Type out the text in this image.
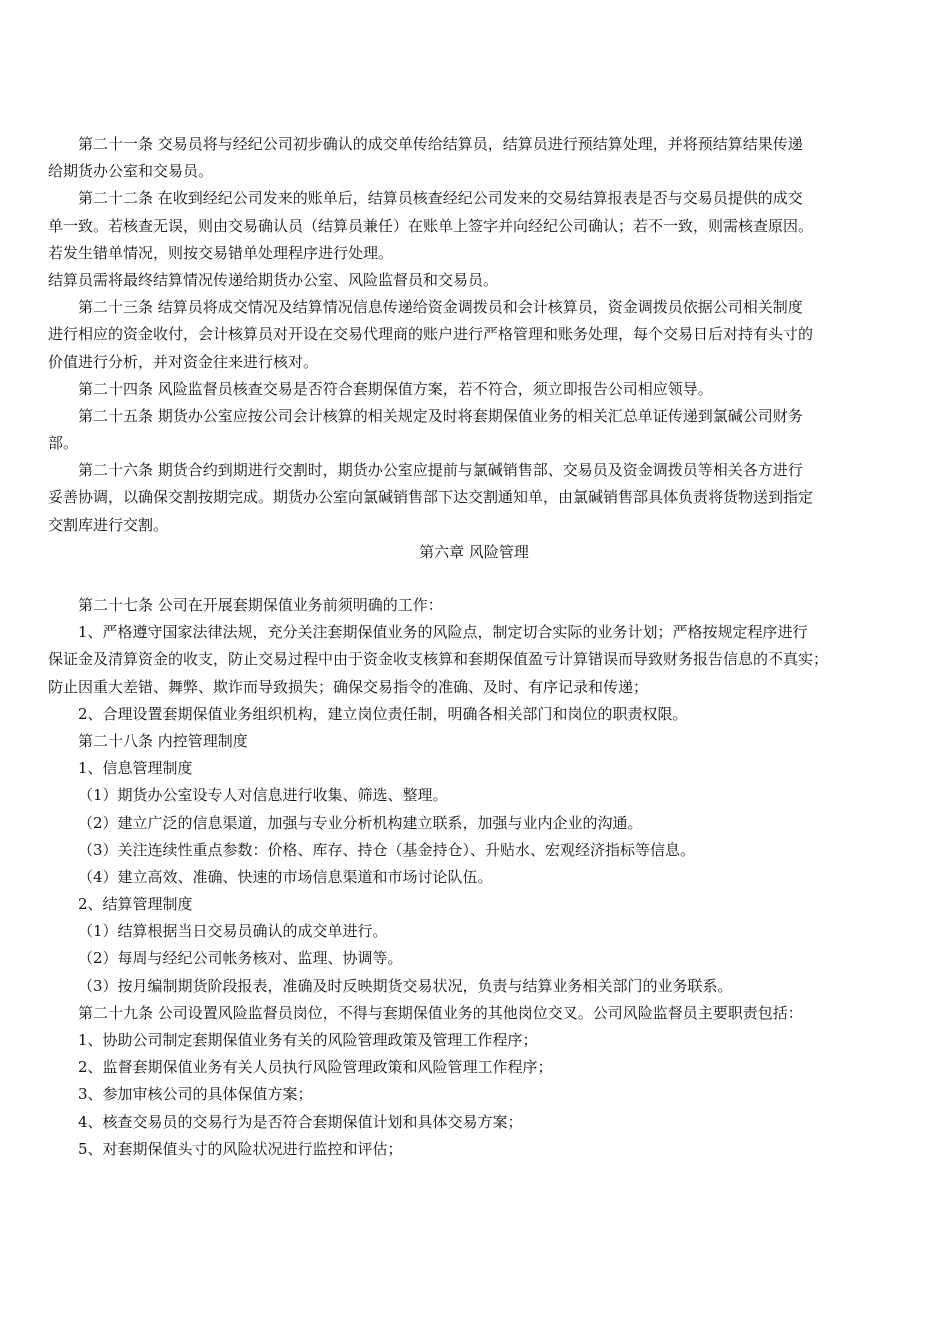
第二十一条 交易员将与经纪公司初步确认的成交单传给结算员，结算员进行预结算处理，并将预结算结果传递
给期货办公室和交易员。
第二十二条 在收到经纪公司发来的账单后，结算员核查经纪公司发来的交易结算报表是否与交易员提供的成交
单一致。若核查无误，则由交易确认员（结算员兼任）在账单上签字并向经纪公司确认；若不一致，则需核查原因。
若发生错单情况，则按交易错单处理程序进行处理。
结算员需将最终结算情况传递给期货办公室、风险监督员和交易员。
第二十三条 结算员将成交情况及结算情况信息传递给资金调拨员和会计核算员，资金调拨员依据公司相关制度
进行相应的资金收付，会计核算员对开设在交易代理商的账户进行严格管理和账务处理，每个交易日后对持有头寸的
价值进行分析，并对资金往来进行核对。
第二十四条 风险监督员核查交易是否符合套期保值方案，若不符合，须立即报告公司相应领导。
第二十五条 期货办公室应按公司会计核算的相关规定及时将套期保值业务的相关汇总单证传递到氯碱公司财务
部。
第二十六条 期货合约到期进行交割时，期货办公室应提前与氯碱销售部、交易员及资金调拨员等相关各方进行
妥善协调，以确保交割按期完成。期货办公室向氯碱销售部下达交割通知单，由氯碱销售部具体负责将货物送到指定
交割库进行交割。
第六章 风险管理
第二十七条 公司在开展套期保值业务前须明确的工作：
1、严格遵守国家法律法规，充分关注套期保值业务的风险点，制定切合实际的业务计划；严格按规定程序进行
保证金及清算资金的收支，防止交易过程中由于资金收支核算和套期保值盈亏计算错误而导致财务报告信息的不真实；
防止因重大差错、舞弊、欺诈而导致损失；确保交易指令的准确、及时、有序记录和传递；
2、合理设置套期保值业务组织机构，建立岗位责任制，明确各相关部门和岗位的职责权限。
第二十八条 内控管理制度
1、信息管理制度
（1）期货办公室设专人对信息进行收集、筛选、整理。
（2）建立广泛的信息渠道，加强与专业分析机构建立联系，加强与业内企业的沟通。
（3）关注连续性重点参数：价格、库存、持仓（基金持仓）、升贴水、宏观经济指标等信息。
（4）建立高效、准确、快速的市场信息渠道和市场讨论队伍。
2、结算管理制度
（1）结算根据当日交易员确认的成交单进行。
（2）每周与经纪公司帐务核对、监理、协调等。
（3）按月编制期货阶段报表，准确及时反映期货交易状况，负责与结算业务相关部门的业务联系。
第二十九条 公司设置风险监督员岗位，不得与套期保值业务的其他岗位交叉。公司风险监督员主要职责包括：
1、协助公司制定套期保值业务有关的风险管理政策及管理工作程序；
2、监督套期保值业务有关人员执行风险管理政策和风险管理工作程序；
3、参加审核公司的具体保值方案；
4、核查交易员的交易行为是否符合套期保值计划和具体交易方案；
5、对套期保值头寸的风险状况进行监控和评估；
